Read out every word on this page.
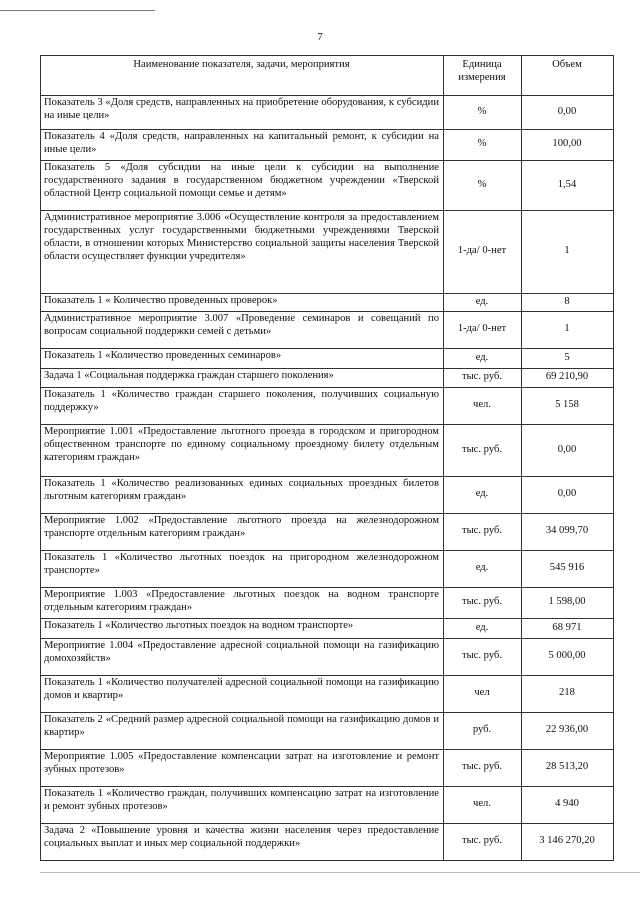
7
Наименование показателя, задачи, мероприятия	Единица измерения	Объем
Показатель 3 «Доля средств, направленных на приобретение оборудования, к субсидии на иные цели»	%	0,00
Показатель 4 «Доля средств, направленных на капитальный ремонт, к субсидии на иные цели»	%	100,00
Показатель 5 «Доля субсидии на иные цели к субсидии на выполнение государственного задания в государственном бюджетном учреждении «Тверской областной Центр социальной помощи семье и детям»	%	1,54
Административное мероприятие 3.006 «Осуществление контроля за предоставлением государственных услуг государственными бюджетными учреждениями Тверской области, в отношении которых Министерство социальной защиты населения Тверской области осуществляет функции учредителя»	1-да/ 0-нет	1
Показатель 1 « Количество проведенных проверок»	ед.	8
Административное мероприятие 3.007 «Проведение семинаров и совещаний по вопросам социальной поддержки семей с детьми»	1-да/ 0-нет	1
Показатель 1 «Количество проведенных семинаров»	ед.	5
Задача 1 «Социальная поддержка граждан старшего поколения»	тыс. руб.	69 210,90
Показатель 1 «Количество граждан старшего поколения, получивших социальную поддержку»	чел.	5 158
Мероприятие 1.001 «Предоставление льготного проезда в городском и пригородном общественном транспорте по единому социальному проездному билету отдельным категориям граждан»	тыс. руб.	0,00
Показатель 1 «Количество реализованных единых социальных проездных билетов льготным категориям граждан»	ед.	0,00
Мероприятие 1.002 «Предоставление льготного проезда на железнодорожном транспорте отдельным категориям граждан»	тыс. руб.	34 099,70
Показатель 1 «Количество льготных поездок на пригородном железнодорожном транспорте»	ед.	545 916
Мероприятие 1.003 «Предоставление льготных поездок на водном транспорте отдельным категориям граждан»	тыс. руб.	1 598,00
Показатель 1 «Количество льготных поездок на водном транспорте»	ед.	68 971
Мероприятие 1.004 «Предоставление адресной социальной помощи на газификацию домохозяйств»	тыс. руб.	5 000,00
Показатель 1 «Количество получателей адресной социальной помощи на газификацию домов и квартир»	чел	218
Показатель 2 «Средний размер адресной социальной помощи на газификацию домов и квартир»	руб.	22 936,00
Мероприятие 1.005 «Предоставление компенсации затрат на изготовление и ремонт зубных протезов»	тыс. руб.	28 513,20
Показатель 1 «Количество граждан, получивших компенсацию затрат на изготовление и ремонт зубных протезов»	чел.	4 940
Задача 2 «Повышение уровня и качества жизни населения через предоставление социальных выплат и иных мер социальной поддержки»	тыс. руб.	3 146 270,20
